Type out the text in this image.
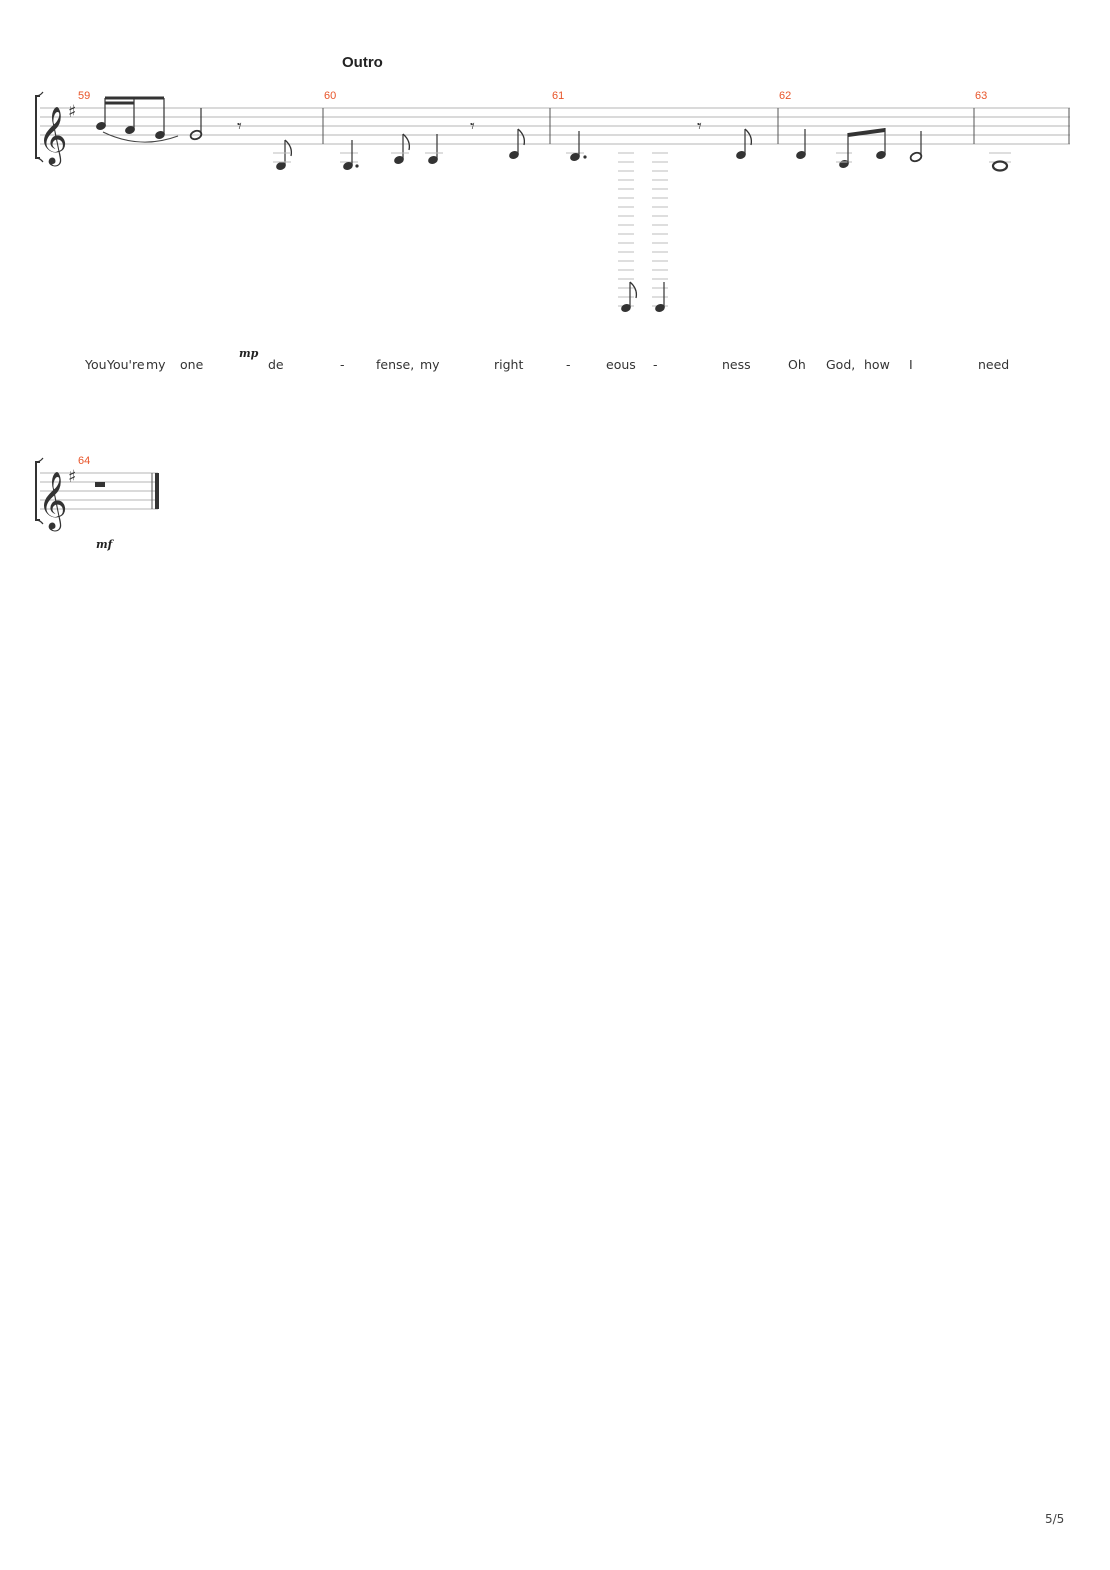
Outro
𝄞 ♯
59	60	61	62	63
𝄾	𝄾	𝄾
mp
You You're my one	de	-	fense, my	right	-	eous -	ness	Oh God, how I	need
𝄞 ♯
64
mf
5/5
